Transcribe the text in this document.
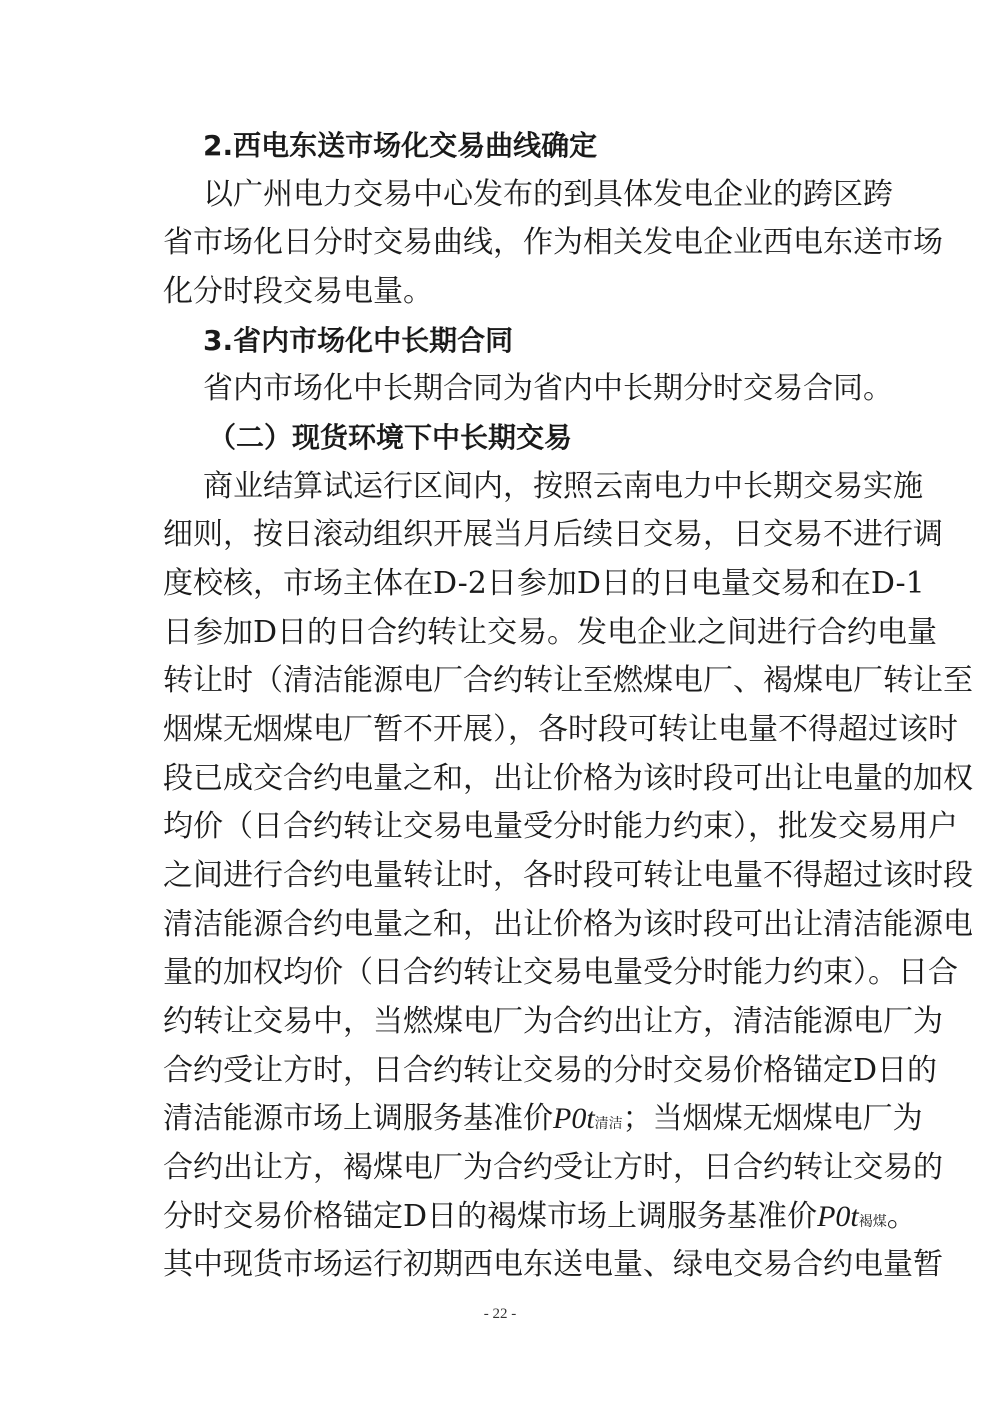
2.西电东送市场化交易曲线确定
以广州电力交易中心发布的到具体发电企业的跨区跨
省市场化日分时交易曲线，作为相关发电企业西电东送市场
化分时段交易电量。
3.省内市场化中长期合同
省内市场化中长期合同为省内中长期分时交易合同。
（二）现货环境下中长期交易
商业结算试运行区间内，按照云南电力中长期交易实施
细则，按日滚动组织开展当月后续日交易，日交易不进行调
度校核，市场主体在D-2日参加D日的日电量交易和在D-1
日参加D日的日合约转让交易。发电企业之间进行合约电量
转让时（清洁能源电厂合约转让至燃煤电厂、褐煤电厂转让至
烟煤无烟煤电厂暂不开展），各时段可转让电量不得超过该时
段已成交合约电量之和，出让价格为该时段可出让电量的加权
均价（日合约转让交易电量受分时能力约束），批发交易用户
之间进行合约电量转让时，各时段可转让电量不得超过该时段
清洁能源合约电量之和，出让价格为该时段可出让清洁能源电
量的加权均价（日合约转让交易电量受分时能力约束）。日合
约转让交易中，当燃煤电厂为合约出让方，清洁能源电厂为
合约受让方时，日合约转让交易的分时交易价格锚定D日的
清洁能源市场上调服务基准价P0t清洁；当烟煤无烟煤电厂为
合约出让方，褐煤电厂为合约受让方时，日合约转让交易的
分时交易价格锚定D日的褐煤市场上调服务基准价P0t褐煤。
其中现货市场运行初期西电东送电量、绿电交易合约电量暂
- 22 -
